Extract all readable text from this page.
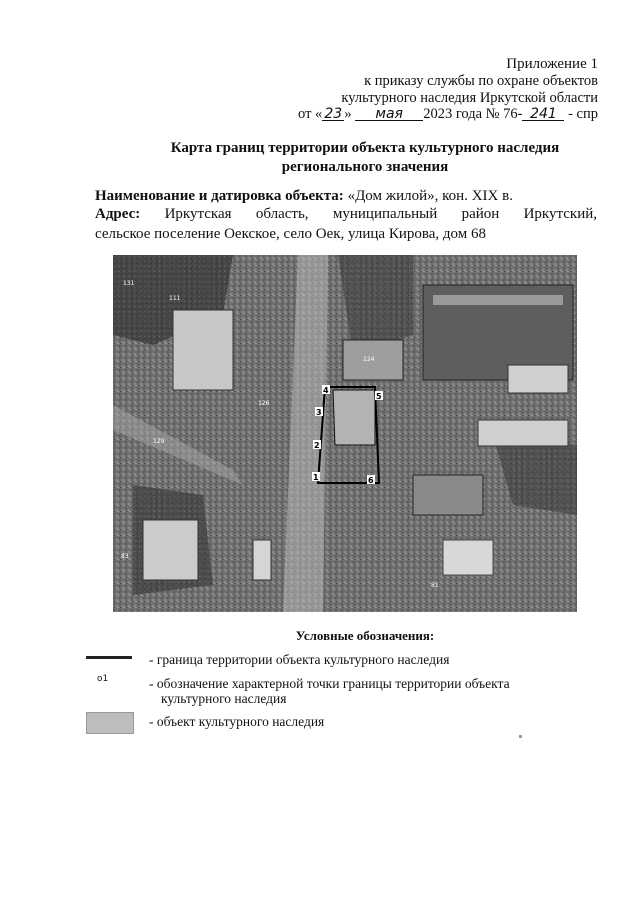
Приложение 1
к приказу службы по охране объектов
культурного наследия Иркутской области
от « 23 » мая 2023 года № 76- 241 - спр
Карта границ территории объекта культурного наследия
регионального значения
Наименование и датировка объекта: «Дом жилой», кон. XIX в.
Адрес: Иркутская область, муниципальный район Иркутский,
сельское поселение Оекское, село Оек, улица Кирова, дом 68
111
124
126
129
131
83
81
1
2
3
4
5
6
Условные обозначения:
- граница территории объекта культурного наследия
о1	- обозначение характерной точки границы территории объекта
культурного наследия
- объект культурного наследия
